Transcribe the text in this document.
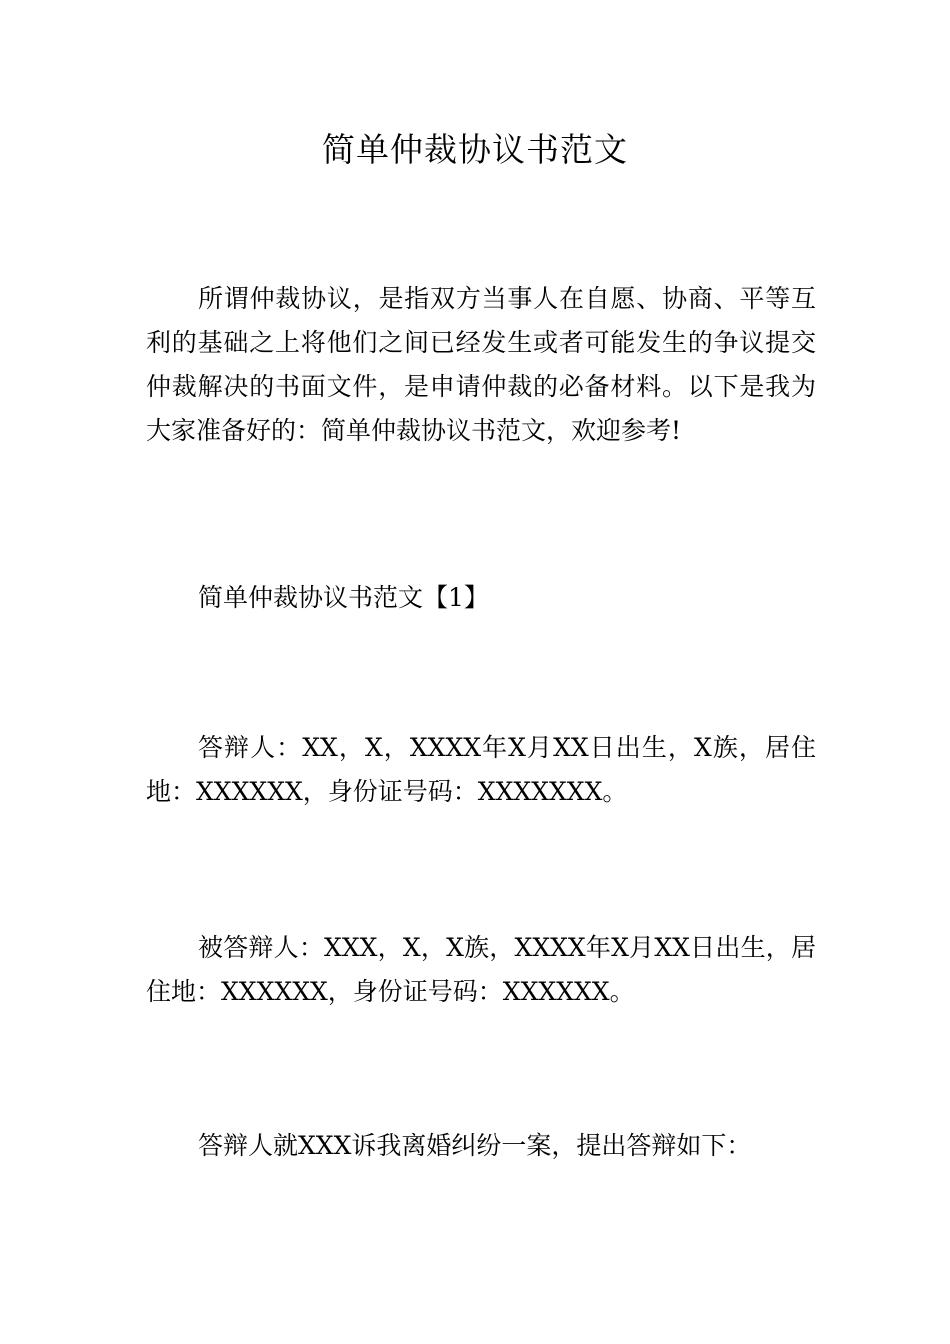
简单仲裁协议书范文

所谓仲裁协议，是指双方当事人在自愿、协商、平等互利的基础之上将他们之间已经发生或者可能发生的争议提交仲裁解决的书面文件，是申请仲裁的必备材料。以下是我为大家准备好的：简单仲裁协议书范文，欢迎参考!

简单仲裁协议书范文【1】

答辩人：XX，X，XXXX年X月XX日出生，X族，居住地：XXXXXX，身份证号码：XXXXXXX。

被答辩人：XXX，X，X族，XXXX年X月XX日出生，居住地：XXXXXX，身份证号码：XXXXXX。

答辩人就XXX诉我离婚纠纷一案，提出答辩如下：
